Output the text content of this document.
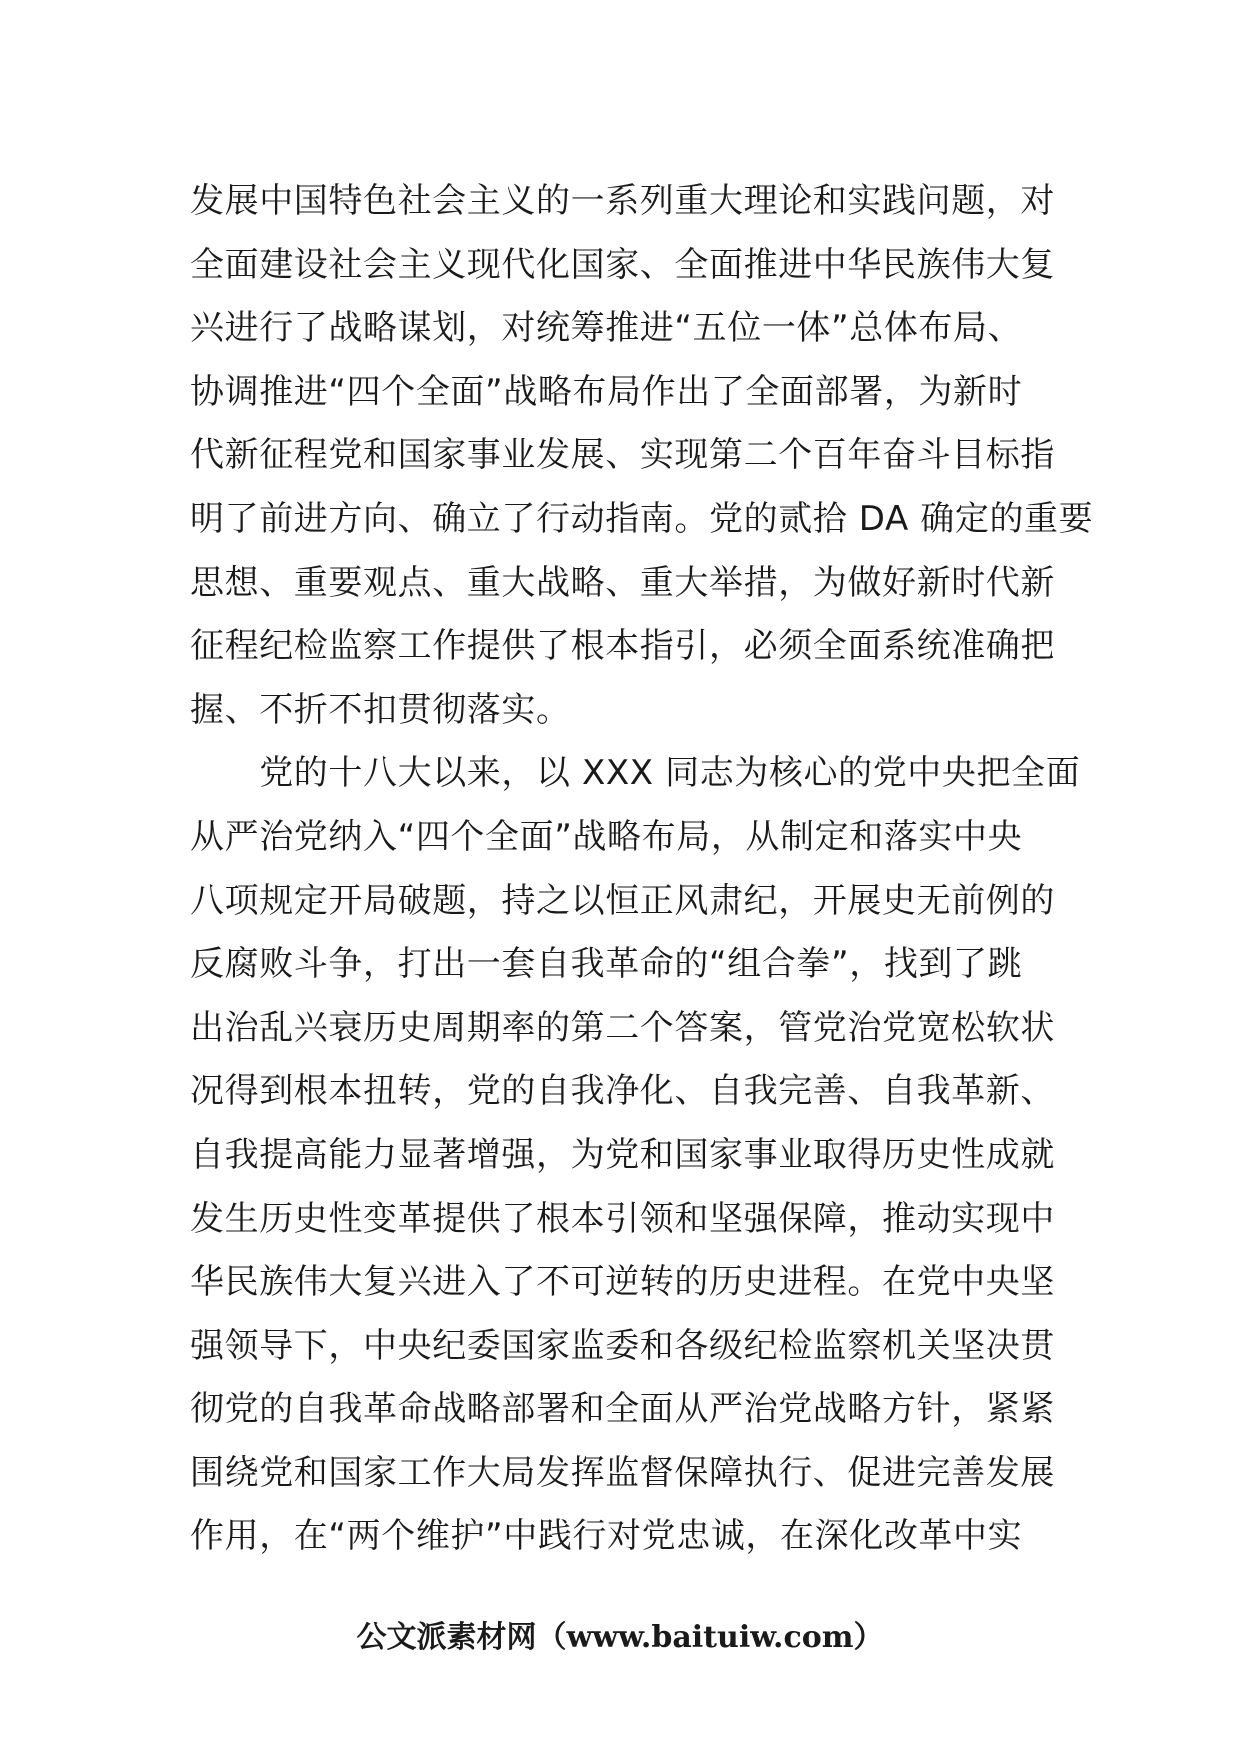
发展中国特色社会主义的一系列重大理论和实践问题，对
全面建设社会主义现代化国家、全面推进中华民族伟大复
兴进行了战略谋划，对统筹推进“五位一体”总体布局、
协调推进“四个全面”战略布局作出了全面部署，为新时
代新征程党和国家事业发展、实现第二个百年奋斗目标指
明了前进方向、确立了行动指南。党的贰拾 DA 确定的重要
思想、重要观点、重大战略、重大举措，为做好新时代新
征程纪检监察工作提供了根本指引，必须全面系统准确把
握、不折不扣贯彻落实。
　　党的十八大以来，以 XXX 同志为核心的党中央把全面
从严治党纳入“四个全面”战略布局，从制定和落实中央
八项规定开局破题，持之以恒正风肃纪，开展史无前例的
反腐败斗争，打出一套自我革命的“组合拳”，找到了跳
出治乱兴衰历史周期率的第二个答案，管党治党宽松软状
况得到根本扭转，党的自我净化、自我完善、自我革新、
自我提高能力显著增强，为党和国家事业取得历史性成就
发生历史性变革提供了根本引领和坚强保障，推动实现中
华民族伟大复兴进入了不可逆转的历史进程。在党中央坚
强领导下，中央纪委国家监委和各级纪检监察机关坚决贯
彻党的自我革命战略部署和全面从严治党战略方针，紧紧
围绕党和国家工作大局发挥监督保障执行、促进完善发展
作用，在“两个维护”中践行对党忠诚，在深化改革中实
公文派素材网（www.baituiw.com）
